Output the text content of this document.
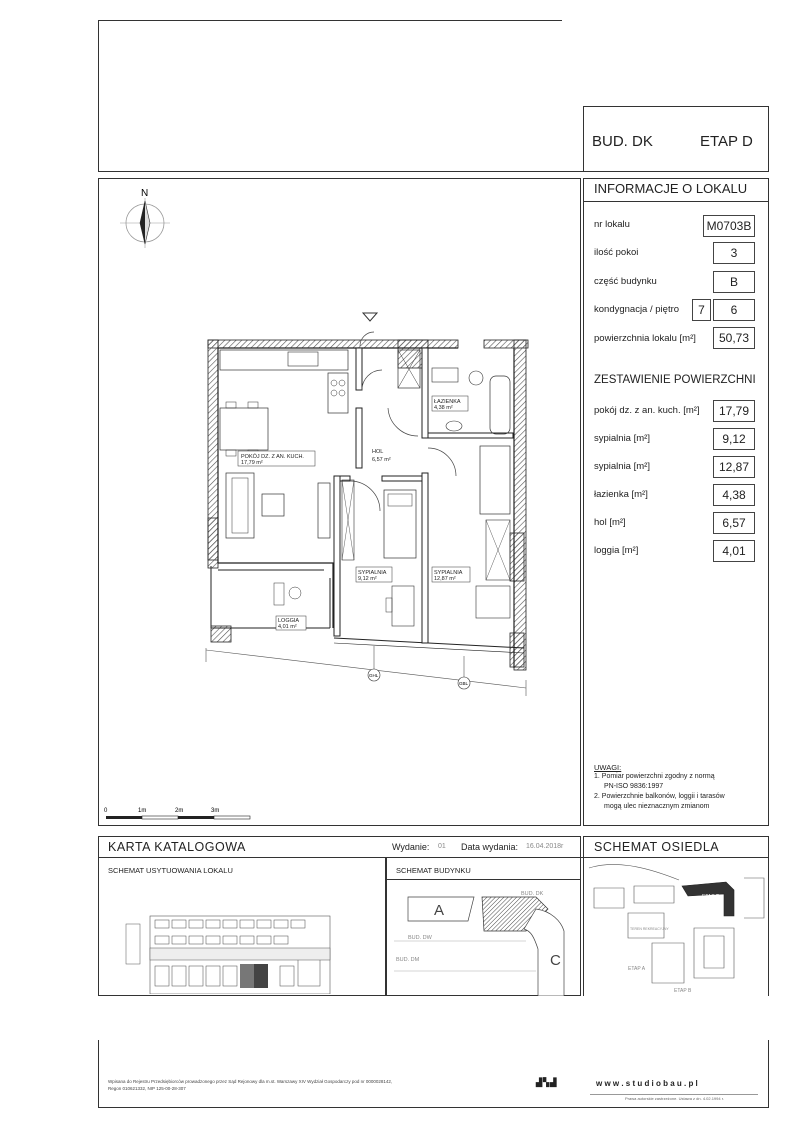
BUD. DK	ETAP D
INFORMACJE O LOKALU
nr lokalu	M0703B
ilość pokoi	3
część budynku	B
kondygnacja / piętro	7	6
powierzchnia lokalu [m²]	50,73
ZESTAWIENIE POWIERZCHNI
pokój dz. z an. kuch. [m²]	17,79
sypialnia [m²]	9,12
sypialnia [m²]	12,87
łazienka [m²]	4,38
hol [m²]	6,57
loggia [m²]	4,01
UWAGI:
1. Pomiar powierzchni zgodny z normą
PN-ISO 9836:1997
2. Powierzchnie balkonów, loggii i tarasów
mogą ulec nieznacznym zmianom
N
POKÓJ DZ. Z AN. KUCH.
17,79 m²
HOL
6,57 m²
ŁAZIENKA
4,38 m²
SYPIALNIA
9,12 m²
SYPIALNIA
12,87 m²
LOGGIA
4,01 m²
GHL
GBL
0	1m	2m	3m
KARTA KATALOGOWA	Wydanie: 01 Data wydania: 16.04.2018r SCHEMAT OSIEDLA
SCHEMAT USYTUOWANIA LOKALU	SCHEMAT BUDYNKU
A
BUD. DK
BUD. DW
BUD. DM	C
ETAP D
TEREN REKREACYJNY
ETAP A
ETAP B
Wpisana do Rejestru Przedsiębiorców prowadzonego przez Sąd Rejonowy dla m.st. Warszawy XIV Wydział Gospodarczy pod nr 0000028142,
Regon 010621332, NIP 125-00-28-307
▟▚▟	w w w . s t u d i o b a u . p l
Prawa autorskie zastrzeżone. Ustawa z dn. 4.02.1994 r.
